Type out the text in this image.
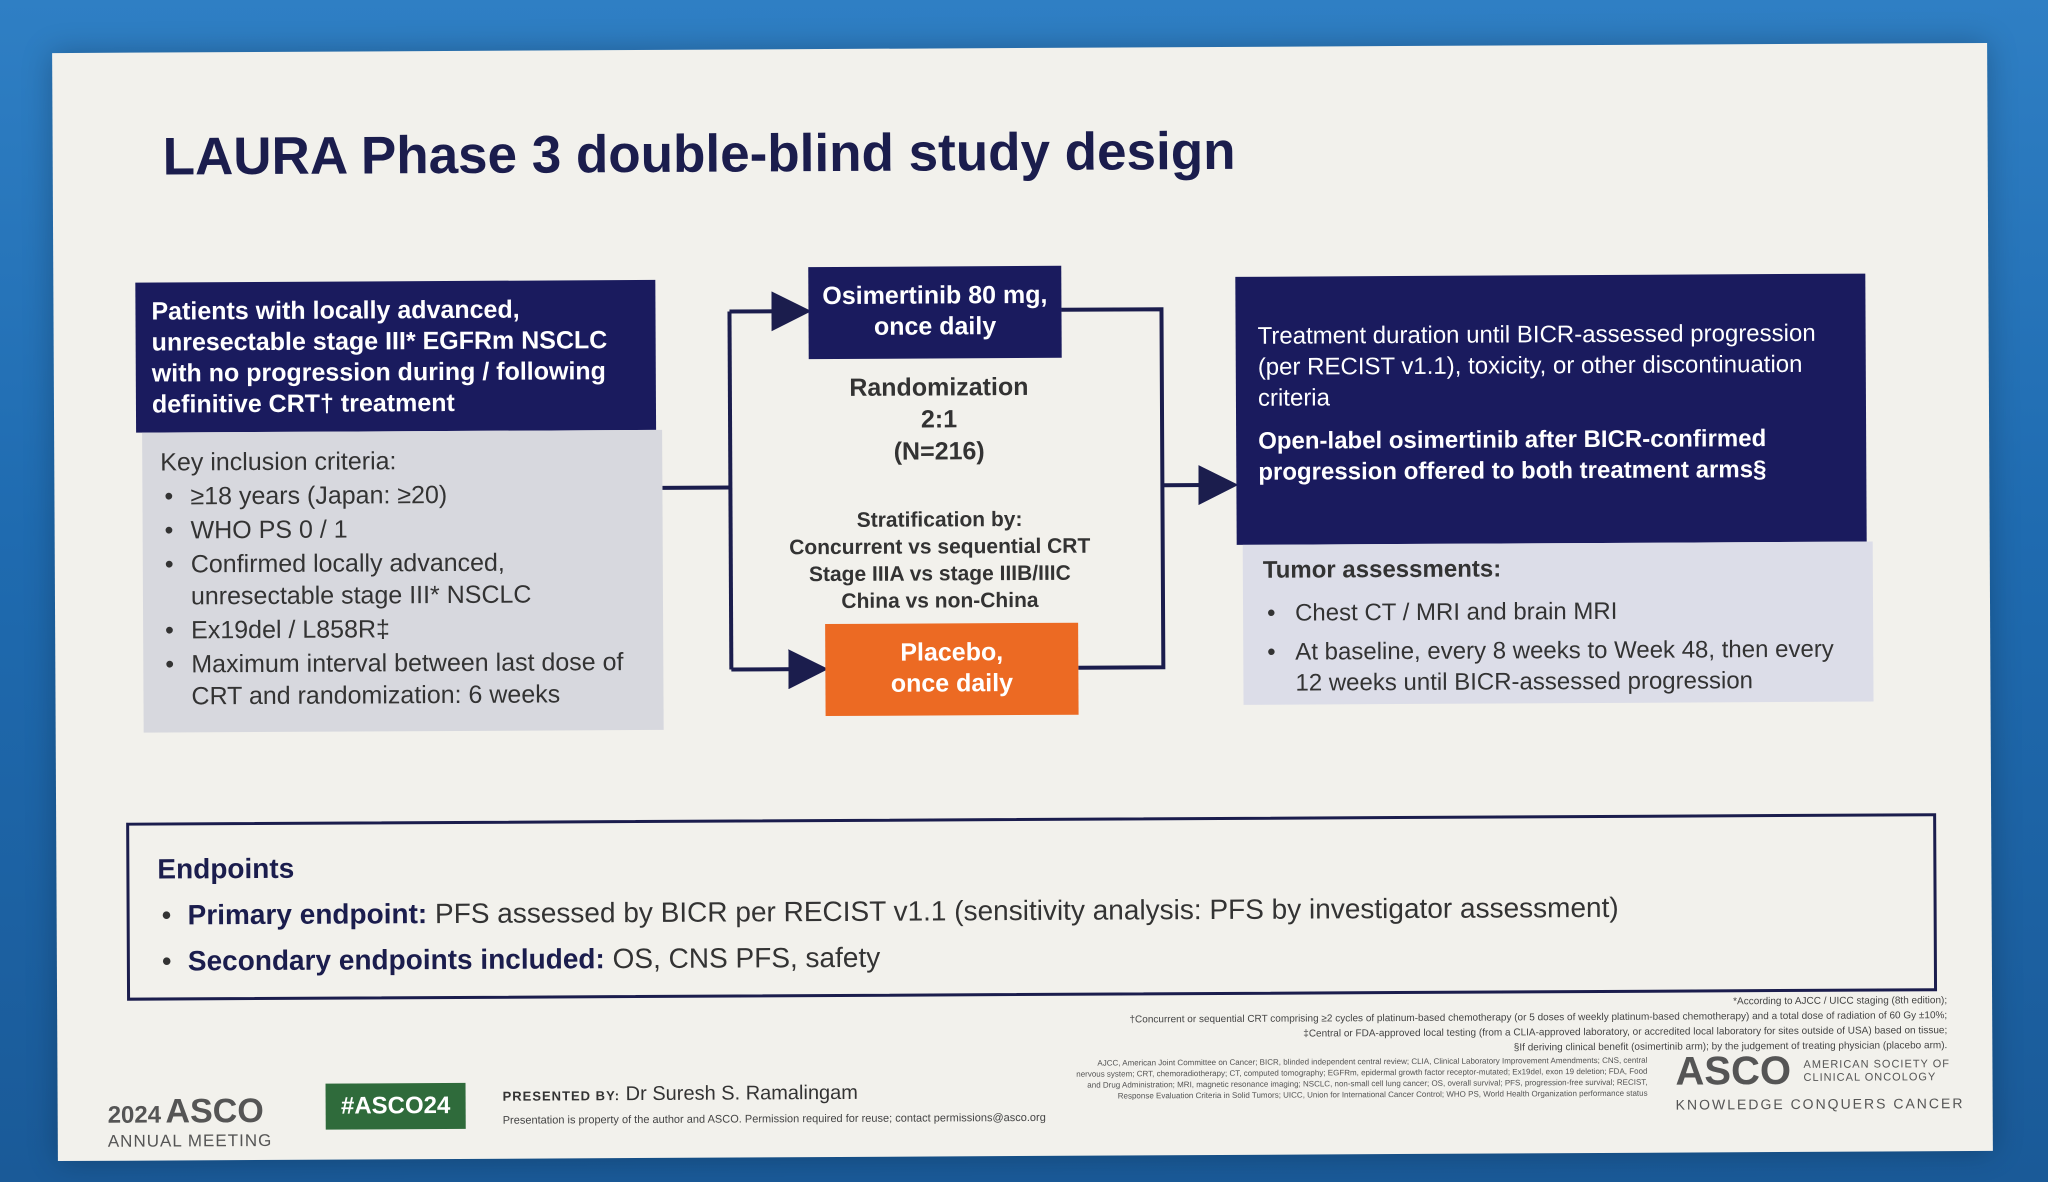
LAURA Phase 3 double-blind study design
Patients with locally advanced,
unresectable stage III* EGFRm NSCLC
with no progression during / following
definitive CRT† treatment
Key inclusion criteria:
• ≥18 years (Japan: ≥20)
• WHO PS 0 / 1
• Confirmed locally advanced, unresectable stage III* NSCLC
• Ex19del / L858R‡
• Maximum interval between last dose of CRT and randomization: 6 weeks
Osimertinib 80 mg,
once daily
Randomization
2:1
(N=216)
Stratification by:
Concurrent vs sequential CRT
Stage IIIA vs stage IIIB/IIIC
China vs non-China
Placebo,
once daily
Treatment duration until BICR-assessed progression (per RECIST v1.1), toxicity, or other discontinuation criteria
Open-label osimertinib after BICR-confirmed progression offered to both treatment arms§
Tumor assessments:
• Chest CT / MRI and brain MRI
• At baseline, every 8 weeks to Week 48, then every 12 weeks until BICR-assessed progression
Endpoints
• Primary endpoint: PFS assessed by BICR per RECIST v1.1 (sensitivity analysis: PFS by investigator assessment)
• Secondary endpoints included: OS, CNS PFS, safety
*According to AJCC / UICC staging (8th edition);
†Concurrent or sequential CRT comprising ≥2 cycles of platinum-based chemotherapy (or 5 doses of weekly platinum-based chemotherapy) and a total dose of radiation of 60 Gy ±10%;
‡Central or FDA-approved local testing (from a CLIA-approved laboratory, or accredited local laboratory for sites outside of USA) based on tissue;
§If deriving clinical benefit (osimertinib arm); by the judgement of treating physician (placebo arm).
AJCC, American Joint Committee on Cancer; BICR, blinded independent central review; CLIA, Clinical Laboratory Improvement Amendments; CNS, central nervous system; CRT, chemoradiotherapy; CT, computed tomography; EGFRm, epidermal growth factor receptor-mutated; Ex19del, exon 19 deletion; FDA, Food and Drug Administration; MRI, magnetic resonance imaging; NSCLC, non-small cell lung cancer; OS, overall survival; PFS, progression-free survival; RECIST, Response Evaluation Criteria in Solid Tumors; UICC, Union for International Cancer Control; WHO PS, World Health Organization performance status
2024 ASCO
ANNUAL MEETING
#ASCO24	PRESENTED BY: Dr Suresh S. Ramalingam
Presentation is property of the author and ASCO. Permission required for reuse; contact permissions@asco.org
ASCO AMERICAN SOCIETY OF
CLINICAL ONCOLOGY
KNOWLEDGE CONQUERS CANCER
